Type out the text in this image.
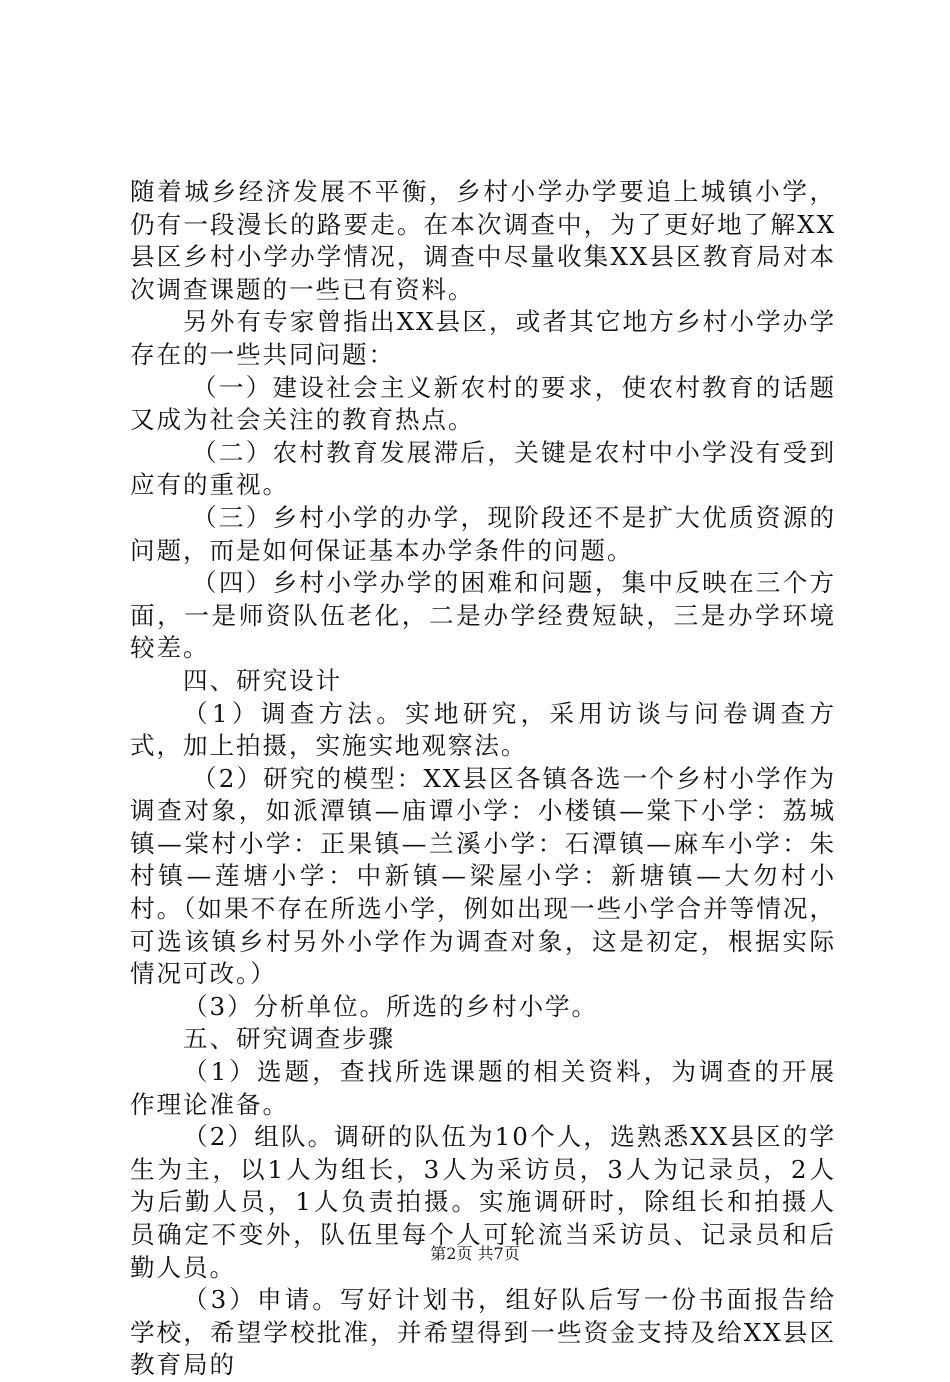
随着城乡经济发展不平衡，乡村小学办学要追上城镇小学，仍有一段漫长的路要走。在本次调查中，为了更好地了解XX县区乡村小学办学情况，调查中尽量收集XX县区教育局对本次调查课题的一些已有资料。

另外有专家曾指出XX县区，或者其它地方乡村小学办学存在的一些共同问题：

（一）建设社会主义新农村的要求，使农村教育的话题又成为社会关注的教育热点。

（二）农村教育发展滞后，关键是农村中小学没有受到应有的重视。

（三）乡村小学的办学，现阶段还不是扩大优质资源的问题，而是如何保证基本办学条件的问题。

（四）乡村小学办学的困难和问题，集中反映在三个方面，一是师资队伍老化，二是办学经费短缺，三是办学环境较差。

四、研究设计

（1）调查方法。实地研究，采用访谈与问卷调查方式，加上拍摄，实施实地观察法。

（2）研究的模型：XX县区各镇各选一个乡村小学作为调查对象，如派潭镇—庙谭小学：小楼镇—棠下小学：荔城镇—棠村小学：正果镇—兰溪小学：石潭镇—麻车小学：朱村镇—莲塘小学：中新镇—梁屋小学：新塘镇—大勿村小村。（如果不存在所选小学，例如出现一些小学合并等情况，可选该镇乡村另外小学作为调查对象，这是初定，根据实际情况可改。）

（3）分析单位。所选的乡村小学。

五、研究调查步骤

（1）选题，查找所选课题的相关资料，为调查的开展作理论准备。

（2）组队。调研的队伍为10个人，选熟悉XX县区的学生为主，以1人为组长，3人为采访员，3人为记录员，2人为后勤人员，1人负责拍摄。实施调研时，除组长和拍摄人员确定不变外，队伍里每个人可轮流当采访员、记录员和后勤人员。

（3）申请。写好计划书，组好队后写一份书面报告给学校，希望学校批准，并希望得到一些资金支持及给XX县区教育局的

第2页 共7页
